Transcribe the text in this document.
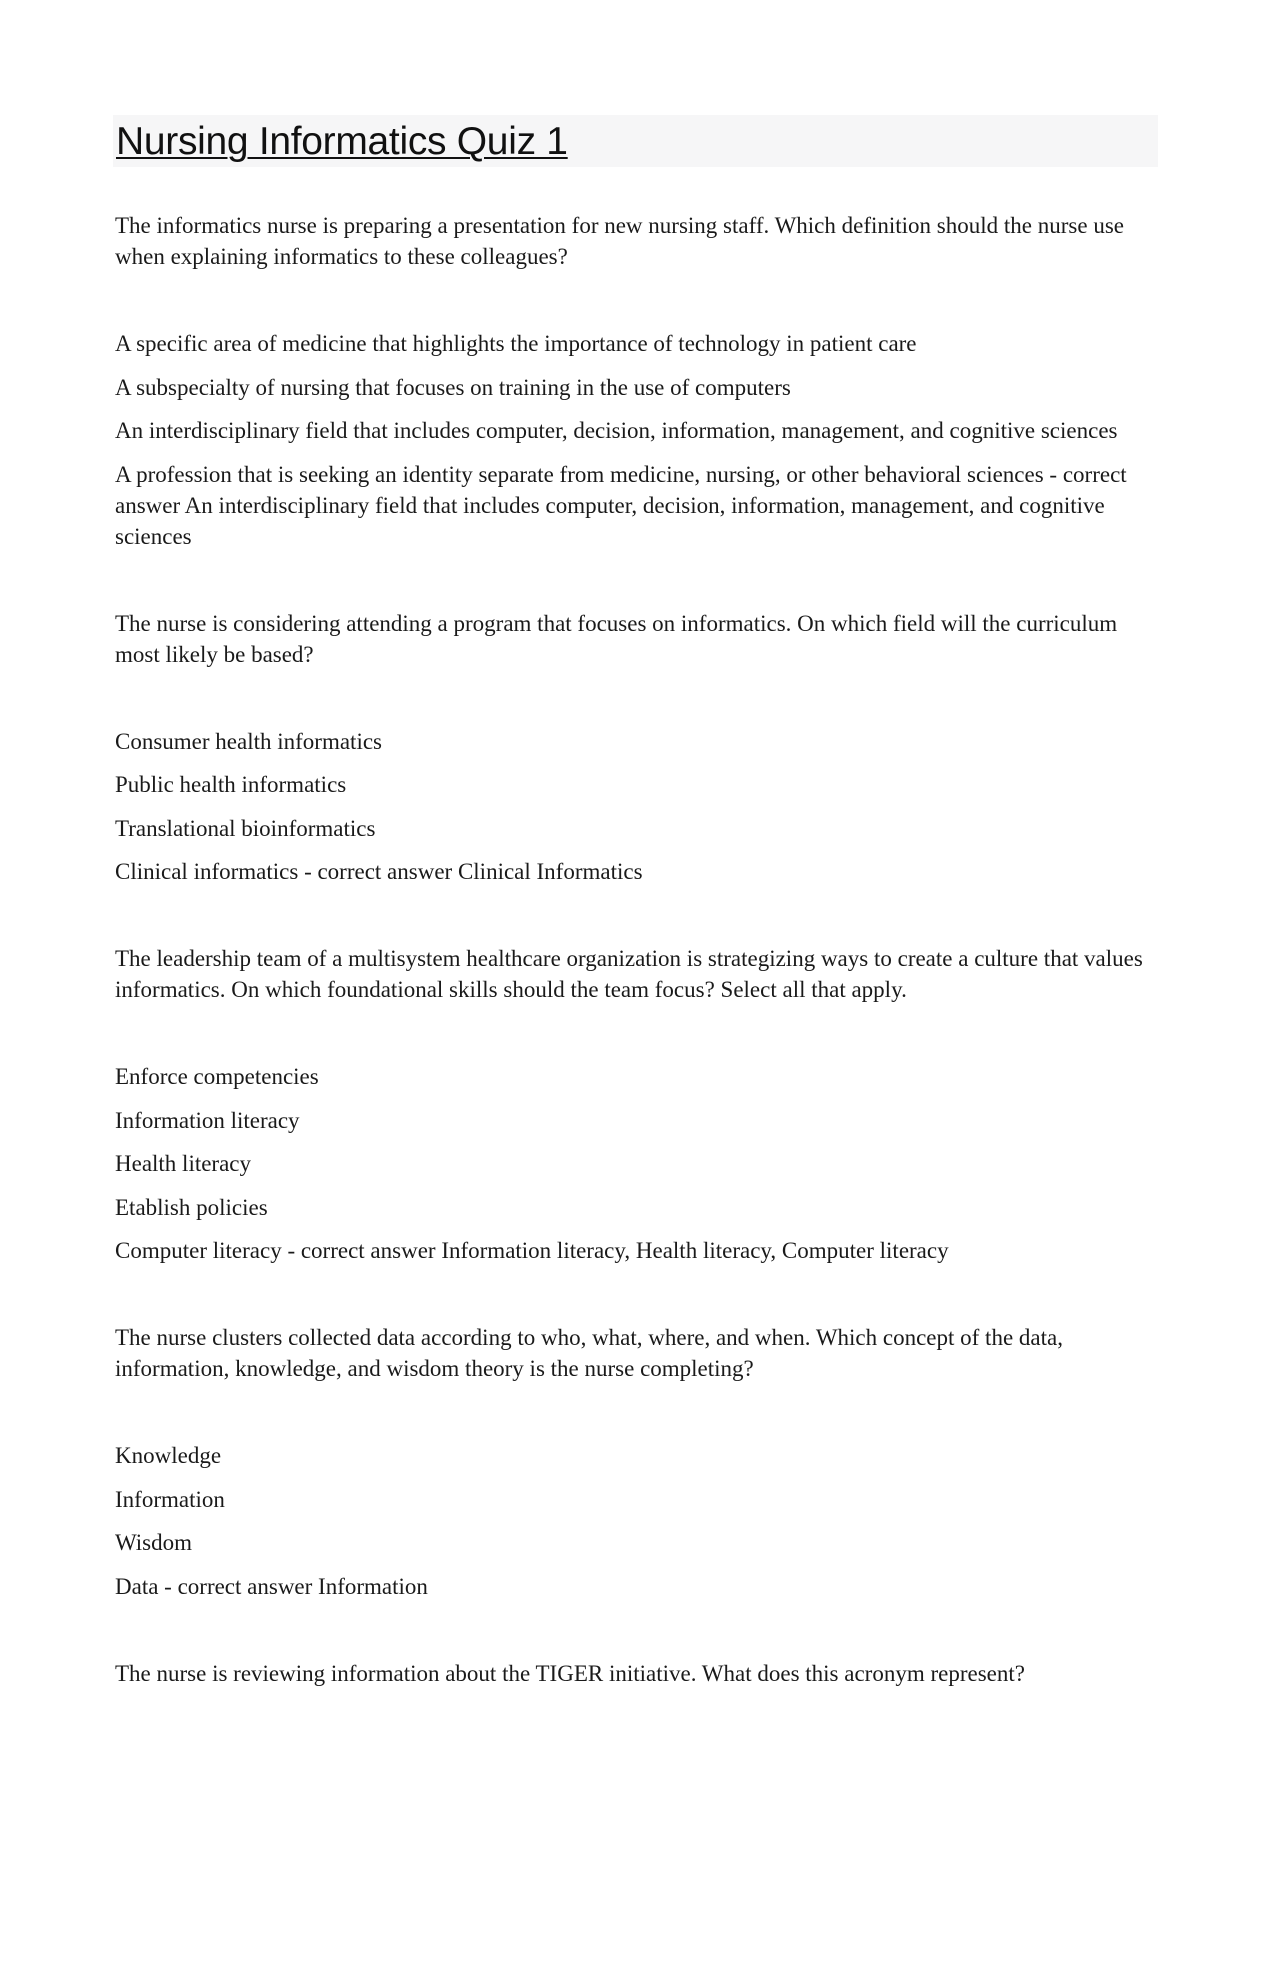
Nursing Informatics Quiz 1

The informatics nurse is preparing a presentation for new nursing staff. Which definition should the nurse use when explaining informatics to these colleagues?

A specific area of medicine that highlights the importance of technology in patient care
A subspecialty of nursing that focuses on training in the use of computers
An interdisciplinary field that includes computer, decision, information, management, and cognitive sciences
A profession that is seeking an identity separate from medicine, nursing, or other behavioral sciences - correct answer An interdisciplinary field that includes computer, decision, information, management, and cognitive sciences

The nurse is considering attending a program that focuses on informatics. On which field will the curriculum most likely be based?

Consumer health informatics
Public health informatics
Translational bioinformatics
Clinical informatics - correct answer Clinical Informatics

The leadership team of a multisystem healthcare organization is strategizing ways to create a culture that values informatics. On which foundational skills should the team focus? Select all that apply.

Enforce competencies
Information literacy
Health literacy
Etablish policies
Computer literacy - correct answer Information literacy, Health literacy, Computer literacy

The nurse clusters collected data according to who, what, where, and when. Which concept of the data, information, knowledge, and wisdom theory is the nurse completing?

Knowledge
Information
Wisdom
Data - correct answer Information

The nurse is reviewing information about the TIGER initiative. What does this acronym represent?
